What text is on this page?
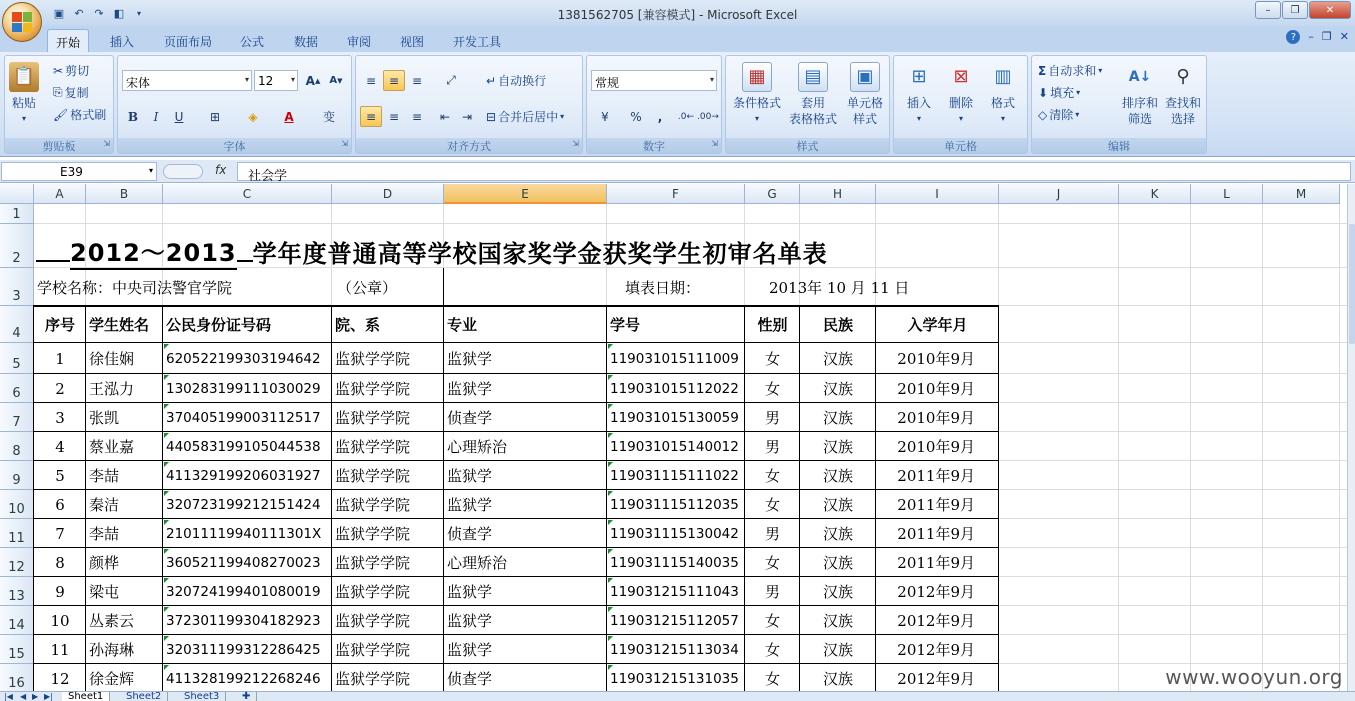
▣ ↶ ↷ ◧	▾	1381562705 [兼容模式] - Microsoft Excel	–	❐	✕
开始	插入	页面布局	公式	数据	审阅	视图	开发工具	?	– ❐ ✕
📋
粘贴
▾
✂ 剪切
⎘ 复制
🖌 格式刷
剪贴板	⇲
宋体	▾ 12 ▾ A ▲ A ▼
B	I	U	⊞ ◈	A	变
字体	⇲
≡	≡	≡	⤢	↵ 自动换行
≡	≡	≡	⇤ ⇥	⊟ 合并后居中 ▾
对齐方式	⇲
常规	▾
¥	%	,	.0← .00→
数字	⇲
▦
条件格式
▾
▤
套用
表格格式
▣
单元格
样式
样式
⊞
插入
▾
⊠
删除
▾
▥
格式
▾
单元格
Σ 自动求和 ▾
⬇ 填充 ▾
◇ 清除 ▾
A↓
排序和
筛选
⚲
查找和
选择
编辑
E39	▾	fx	社会学
A	B	C	D	E	F	G	H	I	J	K	L	M
1
2
3
4
5
6
7
8
9
10
11
12
13
14
15
16
2012～2013 学年度普通高等学校国家奖学金获奖学生初审名单表
学校名称：中央司法警官学院	（公章）	填表日期：	2013年 10 月 11 日
序号 学生姓名	公民身份证号码	院、系	专业	学号	性别	民族	入学年月
1	徐佳娴	620522199303194642 监狱学学院	监狱学	119031015111009	女	汉族	2010年9月
2	王泓力	130283199111030029 监狱学学院	监狱学	119031015112022	女	汉族	2010年9月
3	张凯	370405199003112517 监狱学学院	侦查学	119031015130059	男	汉族	2010年9月
4	蔡业嘉	440583199105044538 监狱学学院	心理矫治	119031015140012	男	汉族	2010年9月
5	李喆	411329199206031927 监狱学学院	监狱学	119031115111022	女	汉族	2011年9月
6	秦洁	320723199212151424 监狱学学院	监狱学	119031115112035	女	汉族	2011年9月
7	李喆	21011119940111301X 监狱学学院	侦查学	119031115130042	男	汉族	2011年9月
8	颜桦	360521199408270023 监狱学学院	心理矫治	119031115140035	女	汉族	2011年9月
9	梁屯	320724199401080019 监狱学学院	监狱学	119031215111043	男	汉族	2012年9月
10	丛素云	372301199304182923 监狱学学院	监狱学	119031215112057	女	汉族	2012年9月
11	孙海琳	320311199312286425 监狱学学院	监狱学	119031215113034	女	汉族	2012年9月
12	徐金辉	411328199212268246 监狱学学院	侦查学	119031215131035	女	汉族	2012年9月
|◀ ◀ ▶ ▶|	Sheet1	Sheet2	Sheet3	✚
www.wooyun.org
